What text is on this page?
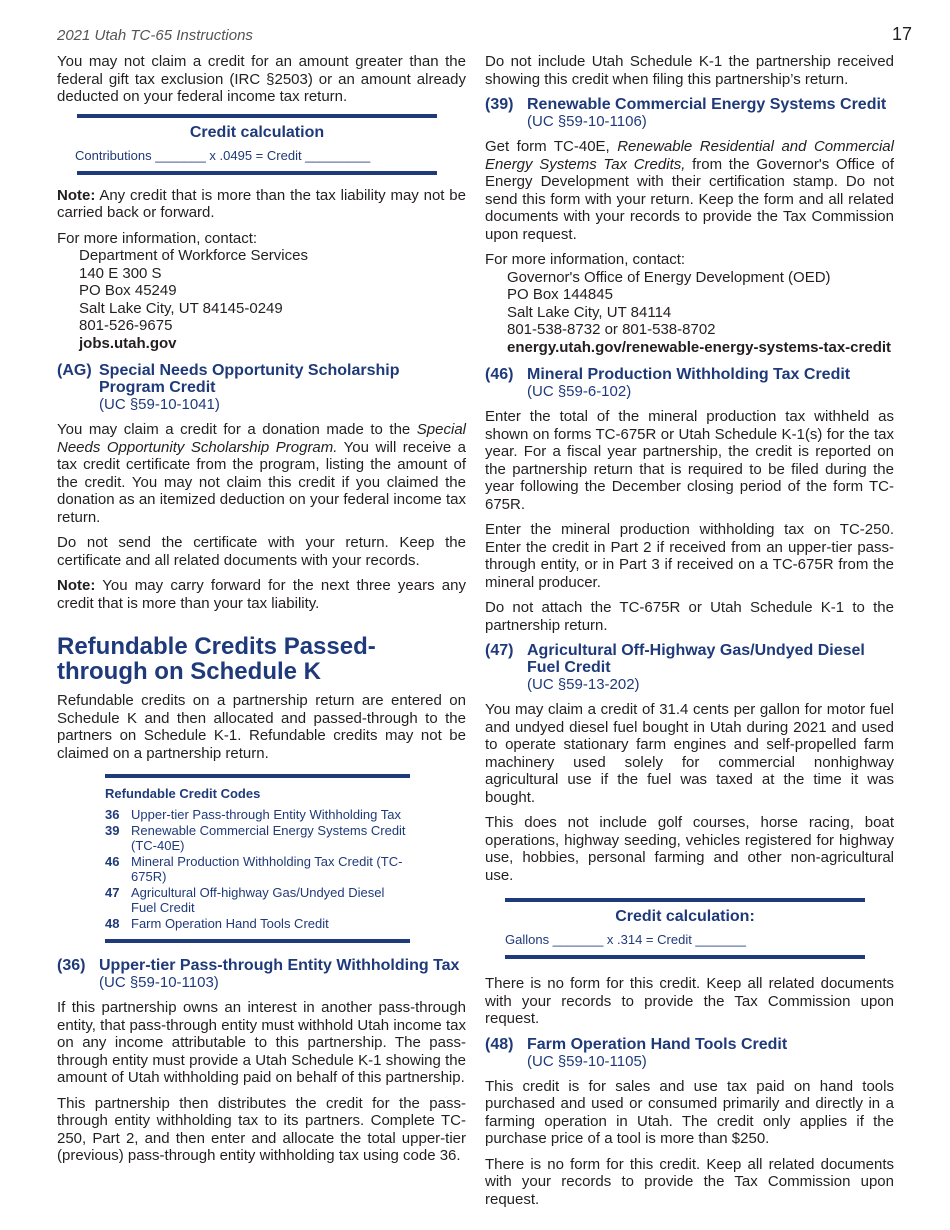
2021 Utah TC-65 Instructions	17

You may not claim a credit for an amount greater than the federal gift tax exclusion (IRC §2503) or an amount already deducted on your federal income tax return.

Credit calculation
Contributions _______ x .0495 = Credit _________

Note: Any credit that is more than the tax liability may not be carried back or forward.

For more information, contact:

Department of Workforce Services
140 E 300 S
PO Box 45249
Salt Lake City, UT 84145-0249
801-526-9675
jobs.utah.gov
(AG) Special Needs Opportunity Scholarship Program Credit
(UC §59-10-1041)

You may claim a credit for a donation made to the Special Needs Opportunity Scholarship Program. You will receive a tax credit certificate from the program, listing the amount of the credit. You may not claim this credit if you claimed the donation as an itemized deduction on your federal income tax return.

Do not send the certificate with your return. Keep the certificate and all related documents with your records.

Note: You may carry forward for the next three years any credit that is more than your tax liability.

Refundable Credits Passed-through on Schedule K

Refundable credits on a partnership return are entered on Schedule K and then allocated and passed-through to the partners on Schedule K-1. Refundable credits may not be claimed on a partnership return.

Refundable Credit Codes
36 Upper-tier Pass-through Entity Withholding Tax
39 Renewable Commercial Energy Systems Credit (TC-40E)
46 Mineral Production Withholding Tax Credit (TC-675R)
47 Agricultural Off-highway Gas/Undyed Diesel Fuel Credit
48 Farm Operation Hand Tools Credit
(36) Upper-tier Pass-through Entity Withholding Tax
(UC §59-10-1103)

If this partnership owns an interest in another pass-through entity, that pass-through entity must withhold Utah income tax on any income attributable to this partnership. The pass-through entity must provide a Utah Schedule K-1 showing the amount of Utah withholding paid on behalf of this partnership.

This partnership then distributes the credit for the pass-through entity withholding tax to its partners. Complete TC-250, Part 2, and then enter and allocate the total upper-tier (previous) pass-through entity withholding tax using code 36.

Do not include Utah Schedule K-1 the partnership received showing this credit when filing this partnership’s return.

(39) Renewable Commercial Energy Systems Credit
(UC §59-10-1106)

Get form TC-40E, Renewable Residential and Commercial Energy Systems Tax Credits, from the Governor's Office of Energy Development with their certification stamp. Do not send this form with your return. Keep the form and all related documents with your records to provide the Tax Commission upon request.

For more information, contact:

Governor's Office of Energy Development (OED)
PO Box 144845
Salt Lake City, UT 84114
801-538-8732 or 801-538-8702
energy.utah.gov/renewable-energy-systems-tax-credit
(46) Mineral Production Withholding Tax Credit
(UC §59-6-102)

Enter the total of the mineral production tax withheld as shown on forms TC-675R or Utah Schedule K-1(s) for the tax year. For a fiscal year partnership, the credit is reported on the partnership return that is required to be filed during the year following the December closing period of the form TC-675R.

Enter the mineral production withholding tax on TC-250. Enter the credit in Part 2 if received from an upper-tier pass-through entity, or in Part 3 if received on a TC-675R from the mineral producer.

Do not attach the TC-675R or Utah Schedule K-1 to the partnership return.

(47) Agricultural Off-Highway Gas/Undyed Diesel Fuel Credit
(UC §59-13-202)

You may claim a credit of 31.4 cents per gallon for motor fuel and undyed diesel fuel bought in Utah during 2021 and used to operate stationary farm engines and self-propelled farm machinery used solely for commercial nonhighway agricultural use if the fuel was taxed at the time it was bought.

This does not include golf courses, horse racing, boat operations, highway seeding, vehicles registered for highway use, hobbies, personal farming and other non-agricultural use.

Credit calculation:
Gallons _______ x .314 = Credit _______

There is no form for this credit. Keep all related documents with your records to provide the Tax Commission upon request.

(48) Farm Operation Hand Tools Credit
(UC §59-10-1105)

This credit is for sales and use tax paid on hand tools purchased and used or consumed primarily and directly in a farming operation in Utah. The credit only applies if the purchase price of a tool is more than $250.

There is no form for this credit. Keep all related documents with your records to provide the Tax Commission upon request.
